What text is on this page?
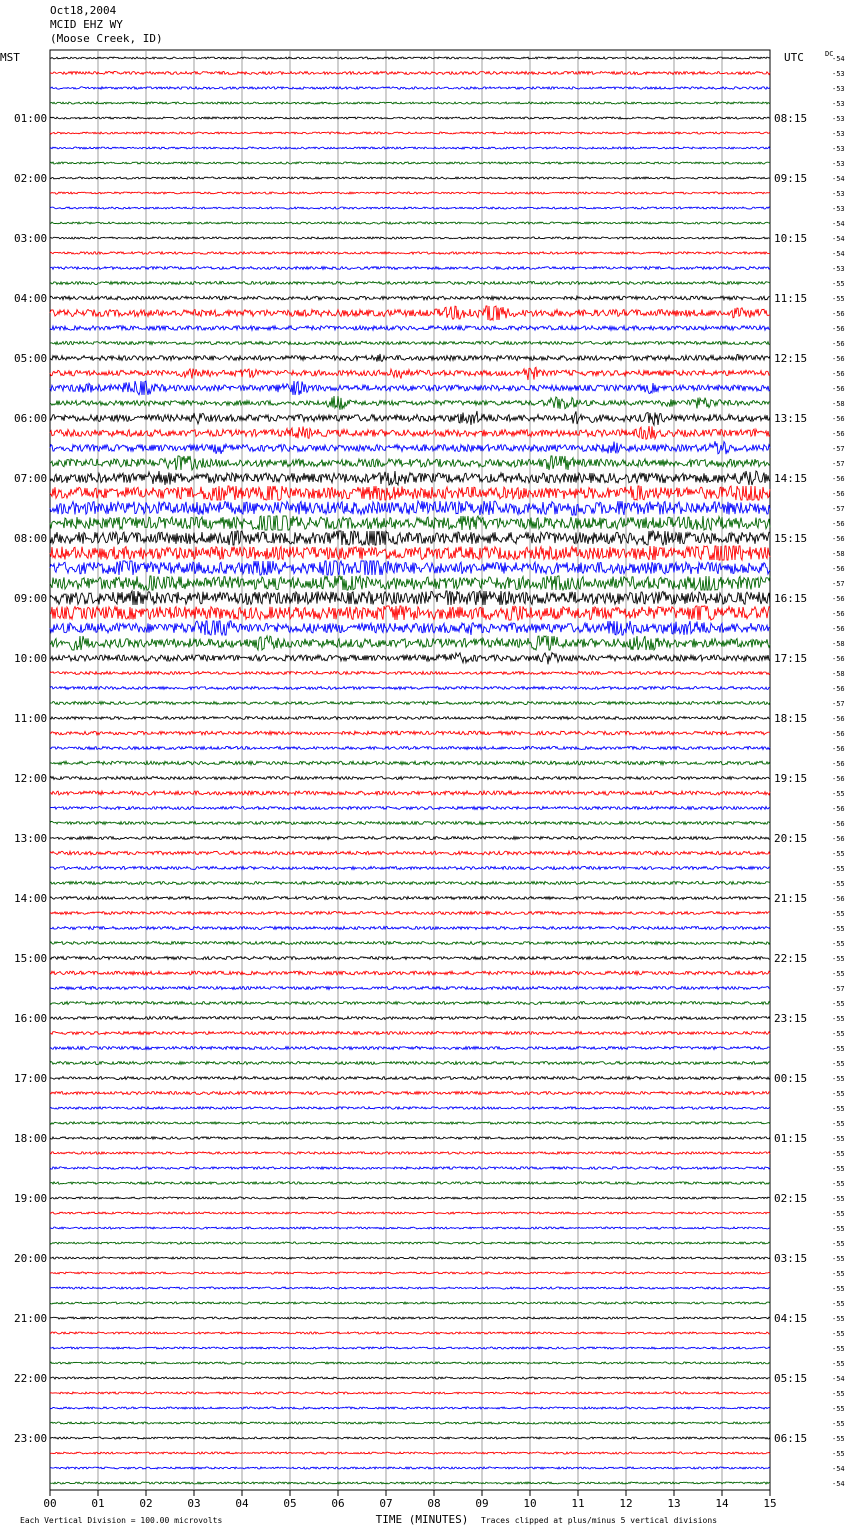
Oct18,2004
MCID EHZ WY
(Moose Creek, ID)
MST	UTC	DC
-54
-53
-53
-53
-53
-53
-53
-53
-54
-53
-53
-54
-54
-54
-53
-55
-55
-56
-56
-56
-56
-56
-56
-58
-56
-56
-57
-57
-56
-56
-57
-56
-56
-58
-56
-57
-56
-56
-56
-58
-56
-58
-56
-57
-56
-56
-56
-56
-56
-55
-56
-56
-56
-55
-55
-55
-56
-55
-55
-55
-55
-55
-57
-55
-55
-55
-55
-55
-55
-55
-55
-55
-55
-55
-55
-55
-55
-55
-55
-55
-55
-55
-55
-55
-55
-55
-55
-55
-54
-55
-55
-55
-55
-55
-54
-54
01:00
02:00
03:00
04:00
05:00
06:00
07:00
08:00
09:00
10:00
11:00
12:00
13:00
14:00
15:00
16:00
17:00
18:00
19:00
20:00
21:00
22:00
23:00
08:15
09:15
10:15
11:15
12:15
13:15
14:15
15:15
16:15
17:15
18:15
19:15
20:15
21:15
22:15
23:15
00:15
01:15
02:15
03:15
04:15
05:15
06:15
00	01	02	03	04	05	06	07	08	09	10	11	12	13	14	15
TIME (MINUTES)
Each Vertical Division = 100.00 microvolts	Traces clipped at plus/minus 5 vertical divisions
